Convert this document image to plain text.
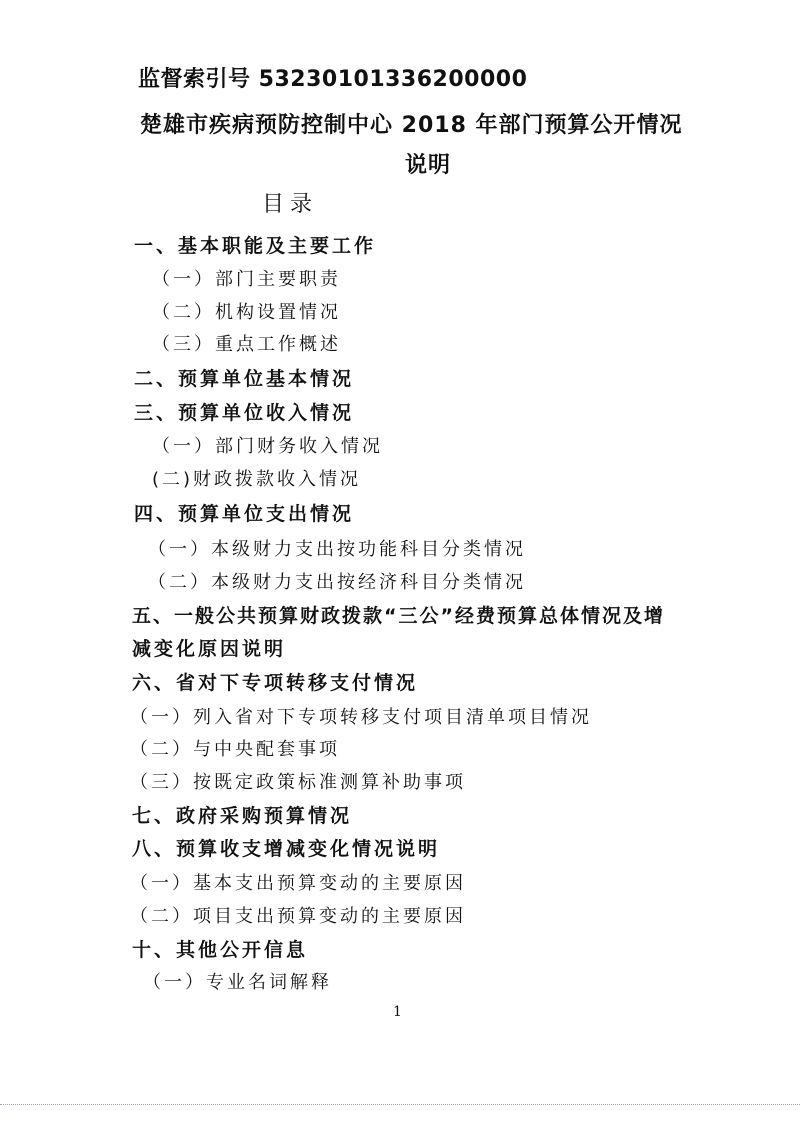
监督索引号 53230101336200000
楚雄市疾病预防控制中心 2018 年部门预算公开情况
说明
目录
一、基本职能及主要工作
（一）部门主要职责
（二）机构设置情况
（三）重点工作概述
二、预算单位基本情况
三、预算单位收入情况
（一）部门财务收入情况
(二)财政拨款收入情况
四、预算单位支出情况
（一）本级财力支出按功能科目分类情况
（二）本级财力支出按经济科目分类情况
五、一般公共预算财政拨款“三公”经费预算总体情况及增
减变化原因说明
六、省对下专项转移支付情况
（一）列入省对下专项转移支付项目清单项目情况
（二）与中央配套事项
（三）按既定政策标准测算补助事项
七、政府采购预算情况
八、预算收支增减变化情况说明
（一）基本支出预算变动的主要原因
（二）项目支出预算变动的主要原因
十、其他公开信息
（一）专业名词解释
1
